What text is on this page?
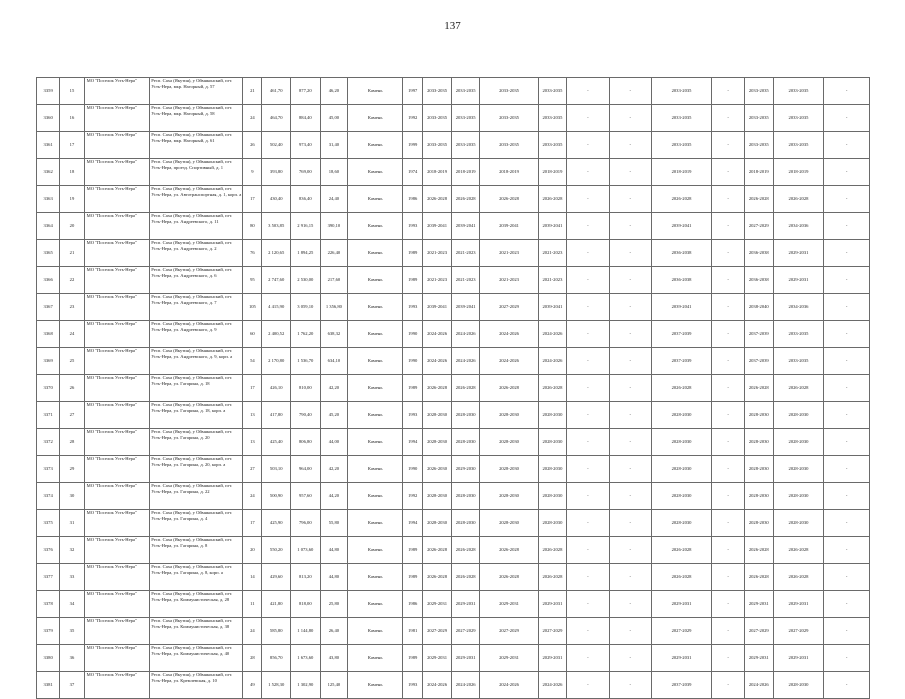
137
3359	15	МО "Поселок Усть-Нера"	Респ. Саха (Якутия), у Оймяконский, пгт. Усть-Нера, мкр. Нагорный, д. 57	21	461,70	877,20	46,20	Камень	1997	2033-2035	2033-2035	2033-2035	2033-2035	-	-	2033-2035	-	2033-2035	2033-2035	-
3360	16	МО "Поселок Усть-Нера"	Респ. Саха (Якутия), у Оймяконский, пгт. Усть-Нера, мкр. Нагорный, д. 58	24	464,70	884,40	45,00	Камень	1992	2033-2035	2033-2035	2033-2035	2033-2035	-	-	2033-2035	-	2033-2035	2033-2035	-
3361	17	МО "Поселок Усть-Нера"	Респ. Саха (Якутия), у Оймяконский, пгт. Усть-Нера, мкр. Нагорный, д. 61	26	502,40	973,40	31,40	Камень	1999	2033-2035	2033-2035	2033-2035	2033-2035	-	-	2033-2035	-	2033-2035	2033-2035	-
3362	18	МО "Поселок Усть-Нера"	Респ. Саха (Якутия), у Оймяконский, пгт. Усть-Нера, проезд. Спортивный, д. 1	9	393,80	769,00	18,60	Камень	1974	2018-2019	2018-2019	2018-2019	2018-2019	-	-	2018-2019	-	2018-2019	2018-2019	-
3363	19	МО "Поселок Усть-Нера"	Респ. Саха (Якутия), у Оймяконский, пгт. Усть-Нера, ул. Автотранспортная, д. 1, корп. а	17	430,40	836,40	24,40	Камень	1986	2026-2028	2026-2028	2026-2028	2026-2028	-	-	2026-2028	-	2026-2028	2026-2028	-
3364	20	МО "Поселок Усть-Нера"	Респ. Саха (Якутия), у Оймяконский, пгт. Усть-Нера, ул. Андреевского, д. 11	80	3 503,85	2 916,15	390,10	Камень	1993	2039-2041	2039-2041	2039-2041	2039-2041	-	-	2039-2041	-	2027-2029	2034-2036	-
3365	21	МО "Поселок Усть-Нера"	Респ. Саха (Якутия), у Оймяконский, пгт. Усть-Нера, ул. Андреевского, д. 2	76	2 120,65	1 894,25	226,40	Камень	1989	2021-2023	2021-2023	2021-2023	2021-2023	-	-	2036-2038	-	2036-2038	2029-2031	-
3366	22	МО "Поселок Усть-Нера"	Респ. Саха (Якутия), у Оймяконский, пгт. Усть-Нера, ул. Андреевского, д. 6	95	2 747,60	2 530,00	217,60	Камень	1989	2021-2023	2021-2023	2021-2023	2021-2023	-	-	2036-2038	-	2036-2038	2029-2031	-
3367	23	МО "Поселок Усть-Нера"	Респ. Саха (Якутия), у Оймяконский, пгт. Усть-Нера, ул. Андреевского, д. 7	105	4 415,90	3 059,10	1 356,80	Камень	1993	2039-2041	2039-2041	2027-2029	2039-2041	-	-	2039-2041	-	2038-2040	2034-2036	-
3368	24	МО "Поселок Усть-Нера"	Респ. Саха (Якутия), у Оймяконский, пгт. Усть-Нера, ул. Андреевского, д. 9	60	2 400,52	1 762,20	638,32	Камень	1990	2024-2026	2024-2026	2024-2026	2024-2026	-	-	2037-2039	-	2037-2039	2033-2035	-
3369	25	МО "Поселок Усть-Нера"	Респ. Саха (Якутия), у Оймяконский, пгт. Усть-Нера, ул. Андреевского, д. 9, корп. а	54	2 170,80	1 536,70	634,10	Камень	1990	2024-2026	2024-2026	2024-2026	2024-2026	-	-	2037-2039	-	2037-2039	2033-2035	-
3370	26	МО "Поселок Усть-Нера"	Респ. Саха (Якутия), у Оймяконский, пгт. Усть-Нера, ул. Гагарина, д. 18	17	426,10	810,00	42,20	Камень	1989	2026-2028	2026-2028	2026-2028	2026-2028	-	-	2026-2028	-	2026-2028	2026-2028	-
3371	27	МО "Поселок Усть-Нера"	Респ. Саха (Якутия), у Оймяконский, пгт. Усть-Нера, ул. Гагарина, д. 18, корп. а	13	417,80	790,40	45,20	Камень	1993	2028-2030	2028-2030	2028-2030	2028-2030	-	-	2028-2030	-	2028-2030	2028-2030	-
3372	28	МО "Поселок Усть-Нера"	Респ. Саха (Якутия), у Оймяконский, пгт. Усть-Нера, ул. Гагарина, д. 20	13	425,40	806,80	44,00	Камень	1994	2028-2030	2028-2030	2028-2030	2028-2030	-	-	2028-2030	-	2028-2030	2028-2030	-
3373	29	МО "Поселок Усть-Нера"	Респ. Саха (Якутия), у Оймяконский, пгт. Усть-Нера, ул. Гагарина, д. 20, корп. а	27	503,10	964,00	42,20	Камень	1990	2026-2030	2029-2030	2028-2030	2028-2030	-	-	2028-2030	-	2028-2030	2028-2030	-
3374	30	МО "Поселок Усть-Нера"	Респ. Саха (Якутия), у Оймяконский, пгт. Усть-Нера, ул. Гагарина, д. 22	24	500,90	957,60	44,20	Камень	1992	2028-2030	2028-2030	2028-2030	2028-2030	-	-	2028-2030	-	2028-2030	2028-2030	-
3375	31	МО "Поселок Усть-Нера"	Респ. Саха (Якутия), у Оймяконский, пгт. Усть-Нера, ул. Гагарина, д. 4	17	425,90	796,00	55,80	Камень	1994	2028-2030	2028-2030	2028-2030	2028-2030	-	-	2028-2030	-	2028-2030	2028-2030	-
3376	32	МО "Поселок Усть-Нера"	Респ. Саха (Якутия), у Оймяконский, пгт. Усть-Нера, ул. Гагарина, д. 8	20	550,20	1 073,60	44,80	Камень	1989	2026-2028	2026-2028	2026-2028	2026-2028	-	-	2026-2028	-	2026-2028	2026-2028	-
3377	33	МО "Поселок Усть-Нера"	Респ. Саха (Якутия), у Оймяконский, пгт. Усть-Нера, ул. Гагарина, д. 8, корп. а	14	429,60	813,20	44,80	Камень	1989	2026-2028	2026-2028	2026-2028	2026-2028	-	-	2026-2028	-	2026-2028	2026-2028	-
3378	34	МО "Поселок Усть-Нера"	Респ. Саха (Якутия), у Оймяконский, пгт. Усть-Нера, ул. Коммунистическая, д. 28	11	421,80	818,00	25,80	Камень	1986	2029-2031	2029-2031	2029-2031	2029-2031	-	-	2029-2031	-	2029-2031	2029-2031	-
3379	35	МО "Поселок Усть-Нера"	Респ. Саха (Якутия), у Оймяконский, пгт. Усть-Нера, ул. Коммунистическая, д. 38	24	585,80	1 144,80	26,40	Камень	1981	2027-2029	2027-2029	2027-2029	2027-2029	-	-	2027-2029	-	2027-2029	2027-2029	-
3380	36	МО "Поселок Усть-Нера"	Респ. Саха (Якутия), у Оймяконский, пгт. Усть-Нера, ул. Коммунистическая, д. 40	28	856,70	1 673,60	43,80	Камень	1989	2029-2031	2029-2031	2029-2031	2029-2031	-	-	2029-2031	-	2029-2031	2029-2031	-
3381	37	МО "Поселок Усть-Нера"	Респ. Саха (Якутия), у Оймяконский, пгт. Усть-Нера, ул. Кремлевская, д. 10	49	1 528,30	1 302,90	125,40	Камень	1993	2024-2026	2024-2026	2024-2026	2024-2026	-	-	2037-2039	-	2024-2026	2028-2030	-
